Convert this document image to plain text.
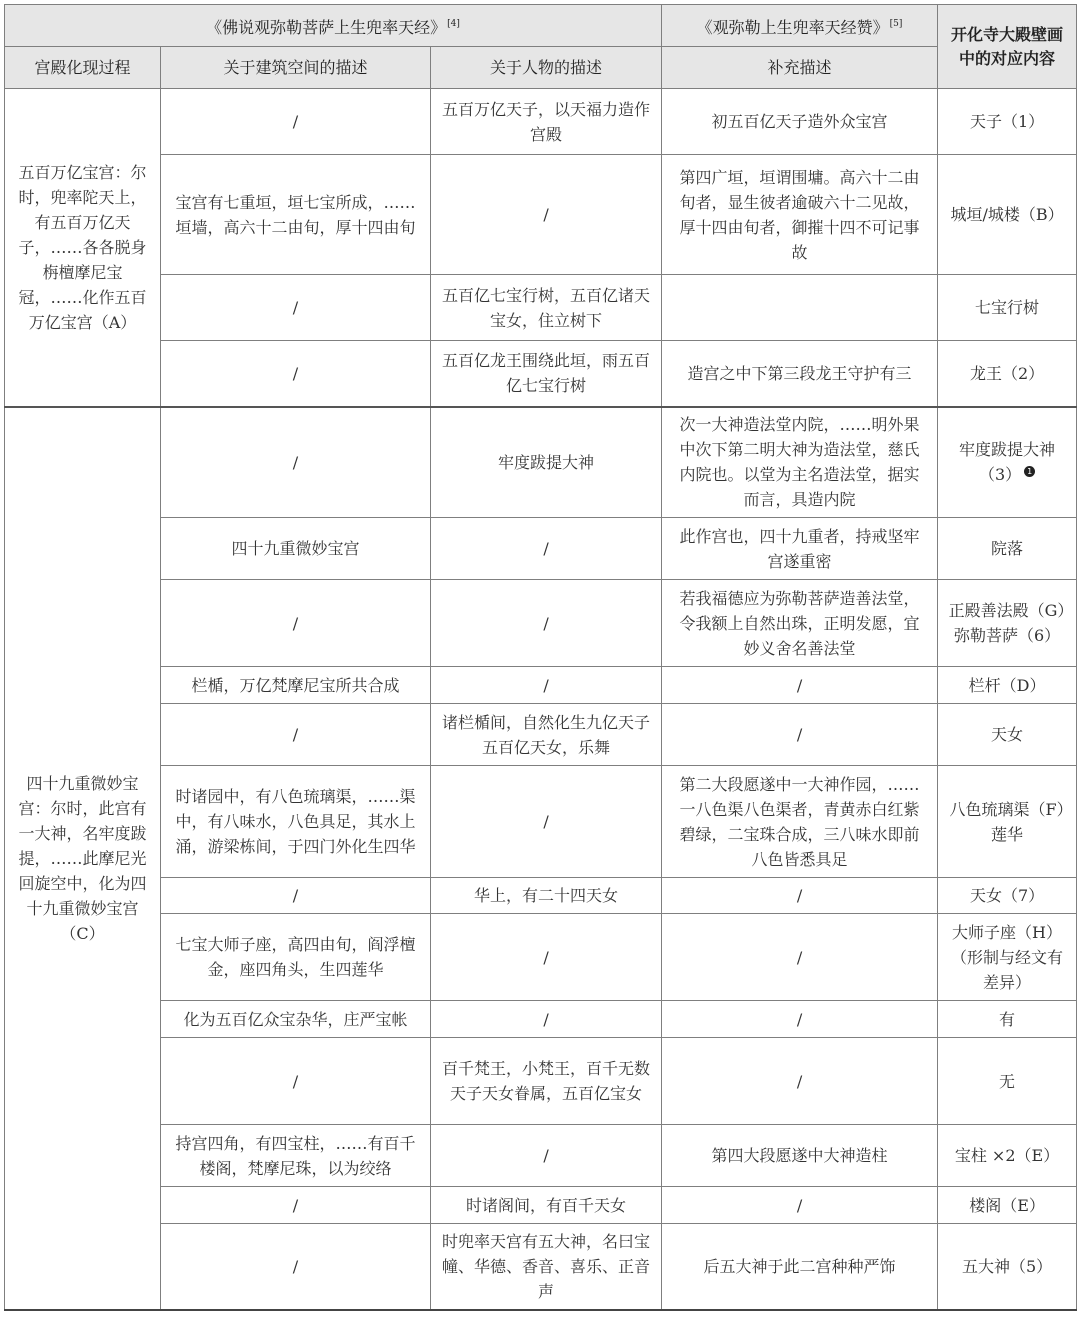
《佛说观弥勒菩萨上生兜率天经》[4]			《观弥勒上生兜率天经赞》[5]	开化寺大殿壁画中的对应内容
宫殿化现过程	关于建筑空间的描述	关于人物的描述	补充描述	
五百万亿宝宫：尔时，兜率陀天上，有五百万亿天子，……各各脱身栴檀摩尼宝冠，……化作五百万亿宝宫（A）	/	五百万亿天子，以天福力造作宫殿	初五百亿天子造外众宝宫	天子（1）
	宝宫有七重垣，垣七宝所成，……垣墙，高六十二由旬，厚十四由旬	/	第四广垣，垣谓围墉。高六十二由旬者，显生彼者逾破六十二见故，厚十四由旬者，御摧十四不可记事故	城垣/城楼（B）
	/	五百亿七宝行树，五百亿诸天宝女，住立树下		七宝行树
	/	五百亿龙王围绕此垣，雨五百亿七宝行树	造宫之中下第三段龙王守护有三	龙王（2）
四十九重微妙宝宫：尔时，此宫有一大神，名牢度跋提，……此摩尼光回旋空中，化为四十九重微妙宝宫（C）	/	牢度跋提大神	次一大神造法堂内院，……明外果中次下第二明大神为造法堂，慈氏内院也。以堂为主名造法堂，据实而言，具造内院	牢度跋提大神（3） 1
	四十九重微妙宝宫	/	此作宫也，四十九重者，持戒坚牢宫遂重密	院落
	/	/	若我福德应为弥勒菩萨造善法堂，令我额上自然出珠，正明发愿，宜妙义舍名善法堂	正殿善法殿（G）弥勒菩萨（6）
	栏楯，万亿梵摩尼宝所共合成	/	/	栏杆（D）
	/	诸栏楯间，自然化生九亿天子五百亿天女，乐舞	/	天女
	时诸园中，有八色琉璃渠，……渠中，有八味水，八色具足，其水上涌，游梁栋间，于四门外化生四华	/	第二大段愿遂中一大神作园，……一八色渠八色渠者，青黄赤白红紫碧绿，二宝珠合成，三八味水即前八色皆悉具足	八色琉璃渠（F）莲华
	/	华上，有二十四天女	/	天女（7）
	七宝大师子座，高四由旬，阎浮檀金，座四角头，生四莲华	/	/	大师子座（H）（形制与经文有差异）
	化为五百亿众宝杂华，庄严宝帐	/	/	有
	/	百千梵王，小梵王，百千无数天子天女眷属，五百亿宝女	/	无
	持宫四角，有四宝柱，……有百千楼阁，梵摩尼珠，以为绞络	/	第四大段愿遂中大神造柱	宝柱 ×2（E）
	/	时诸阁间，有百千天女	/	楼阁（E）
	/	时兜率天宫有五大神，名曰宝幢、华德、香音、喜乐、正音声	后五大神于此二宫种种严饰	五大神（5）
